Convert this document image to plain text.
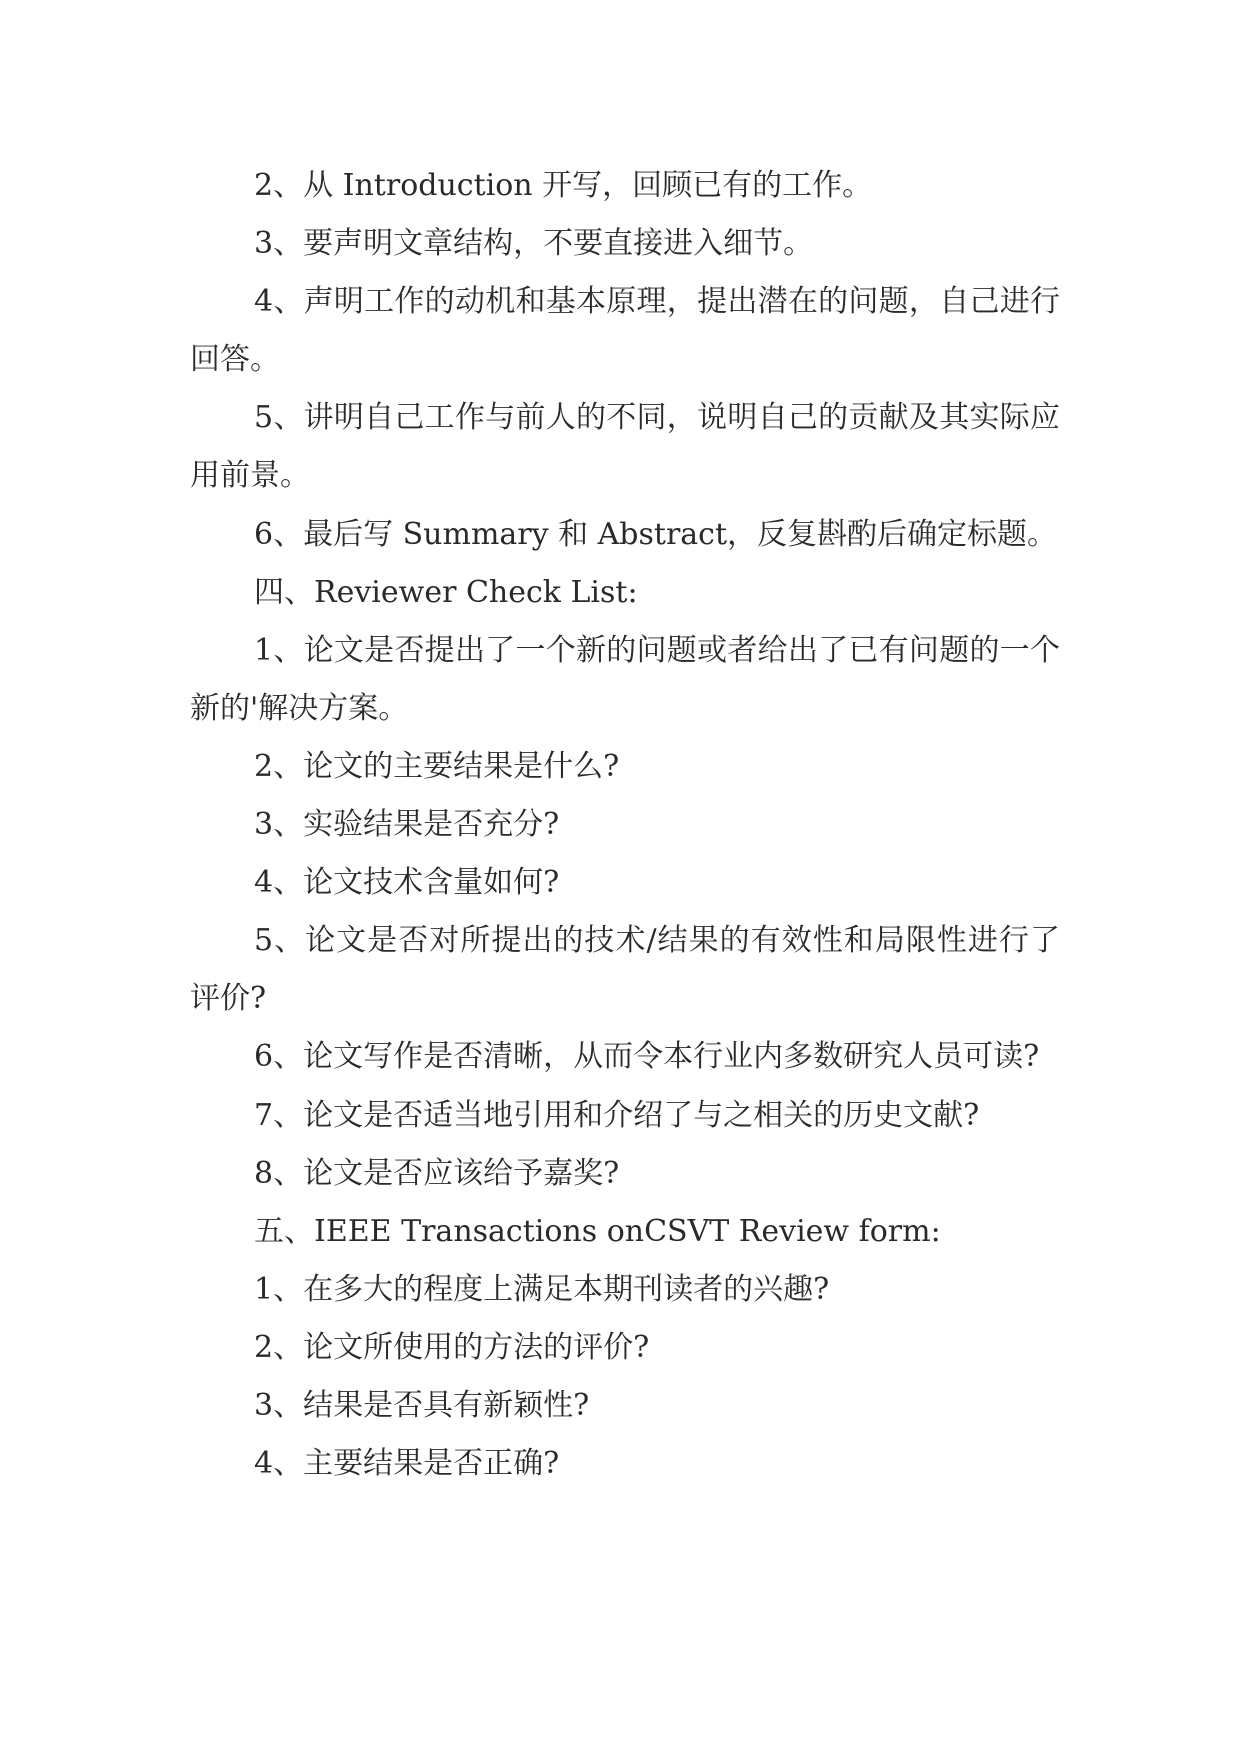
2、从 Introduction 开写，回顾已有的工作。

3、要声明文章结构，不要直接进入细节。

4、声明工作的动机和基本原理，提出潜在的问题，自己进行回答。

5、讲明自己工作与前人的不同，说明自己的贡献及其实际应用前景。

6、最后写 Summary 和 Abstract，反复斟酌后确定标题。

四、Reviewer Check List:

1、论文是否提出了一个新的问题或者给出了已有问题的一个新的'解决方案。

2、论文的主要结果是什么?

3、实验结果是否充分?

4、论文技术含量如何?

5、论文是否对所提出的技术/结果的有效性和局限性进行了评价?

6、论文写作是否清晰，从而令本行业内多数研究人员可读?

7、论文是否适当地引用和介绍了与之相关的历史文献?

8、论文是否应该给予嘉奖?

五、IEEE Transactions onCSVT Review form:

1、在多大的程度上满足本期刊读者的兴趣?

2、论文所使用的方法的评价?

3、结果是否具有新颖性?

4、主要结果是否正确?
